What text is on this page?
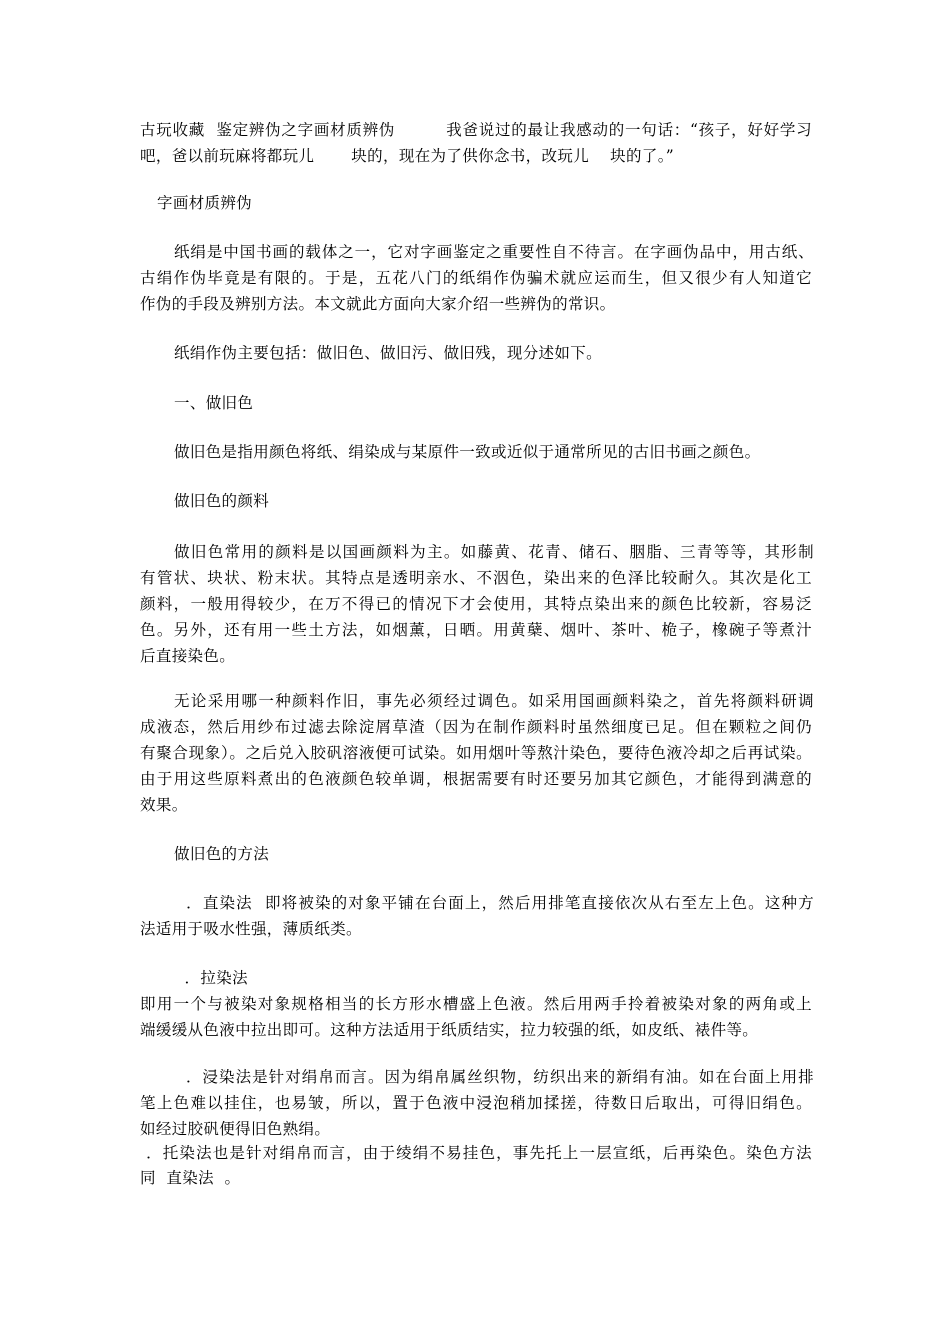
古玩收藏  鉴定辨伪之字画材质辨伪         我爸说过的最让我感动的一句话：“孩子，好好学习

吧，爸以前玩麻将都玩儿       块的，现在为了供你念书，改玩儿    块的了。”

字画材质辨伪

纸绢是中国书画的载体之一，它对字画鉴定之重要性自不待言。在字画伪品中，用古纸、

古绢作伪毕竟是有限的。于是，五花八门的纸绢作伪骗术就应运而生，但又很少有人知道它

作伪的手段及辨别方法。本文就此方面向大家介绍一些辨伪的常识。

纸绢作伪主要包括：做旧色、做旧污、做旧残，现分述如下。

一、做旧色

做旧色是指用颜色将纸、绢染成与某原件一致或近似于通常所见的古旧书画之颜色。

做旧色的颜料

做旧色常用的颜料是以国画颜料为主。如藤黄、花青、储石、胭脂、三青等等，其形制

有管状、块状、粉末状。其特点是透明亲水、不洇色，染出来的色泽比较耐久。其次是化工

颜料，一般用得较少，在万不得已的情况下才会使用，其特点染出来的颜色比较新，容易泛

色。另外，还有用一些土方法，如烟薰，日晒。用黄蘖、烟叶、茶叶、桅子，橡碗子等煮汁

后直接染色。

无论采用哪一种颜料作旧，事先必须经过调色。如采用国画颜料染之，首先将颜料研调

成液态，然后用纱布过滤去除淀屑草渣（因为在制作颜料时虽然细度已足。但在颗粒之间仍

有聚合现象）。之后兑入胶矾溶液便可试染。如用烟叶等熬汁染色，要待色液冷却之后再试染。

由于用这些原料煮出的色液颜色较单调，根据需要有时还要另加其它颜色，才能得到满意的

效果。

做旧色的方法

．直染法  即将被染的对象平铺在台面上，然后用排笔直接依次从右至左上色。这种方

法适用于吸水性强，薄质纸类。

．拉染法

即用一个与被染对象规格相当的长方形水槽盛上色液。然后用两手拎着被染对象的两角或上

端缓缓从色液中拉出即可。这种方法适用于纸质结实，拉力较强的纸，如皮纸、裱件等。

．浸染法是针对绢帛而言。因为绢帛属丝织物，纺织出来的新绢有油。如在台面上用排

笔上色难以挂住，也易皱，所以，置于色液中浸泡稍加揉搓，待数日后取出，可得旧绢色。

如经过胶矾便得旧色熟绢。

．托染法也是针对绢帛而言，由于绫绢不易挂色，事先托上一层宣纸，后再染色。染色方法

同  直染法  。
